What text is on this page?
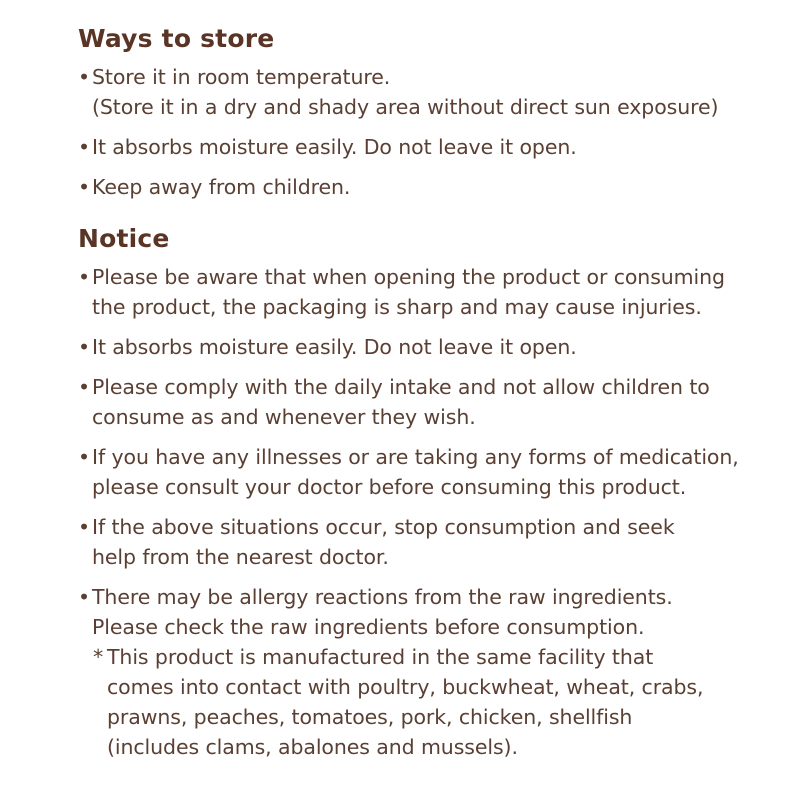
Ways to store
• Store it in room temperature.
(Store it in a dry and shady area without direct sun exposure)
• It absorbs moisture easily. Do not leave it open.
• Keep away from children.
Notice
• Please be aware that when opening the product or consuming
the product, the packaging is sharp and may cause injuries.
• It absorbs moisture easily. Do not leave it open.
• Please comply with the daily intake and not allow children to
consume as and whenever they wish.
• If you have any illnesses or are taking any forms of medication,
please consult your doctor before consuming this product.
• If the above situations occur, stop consumption and seek
help from the nearest doctor.
• There may be allergy reactions from the raw ingredients.
Please check the raw ingredients before consumption.
* This product is manufactured in the same facility that
comes into contact with poultry, buckwheat, wheat, crabs,
prawns, peaches, tomatoes, pork, chicken, shellfish
(includes clams, abalones and mussels).
